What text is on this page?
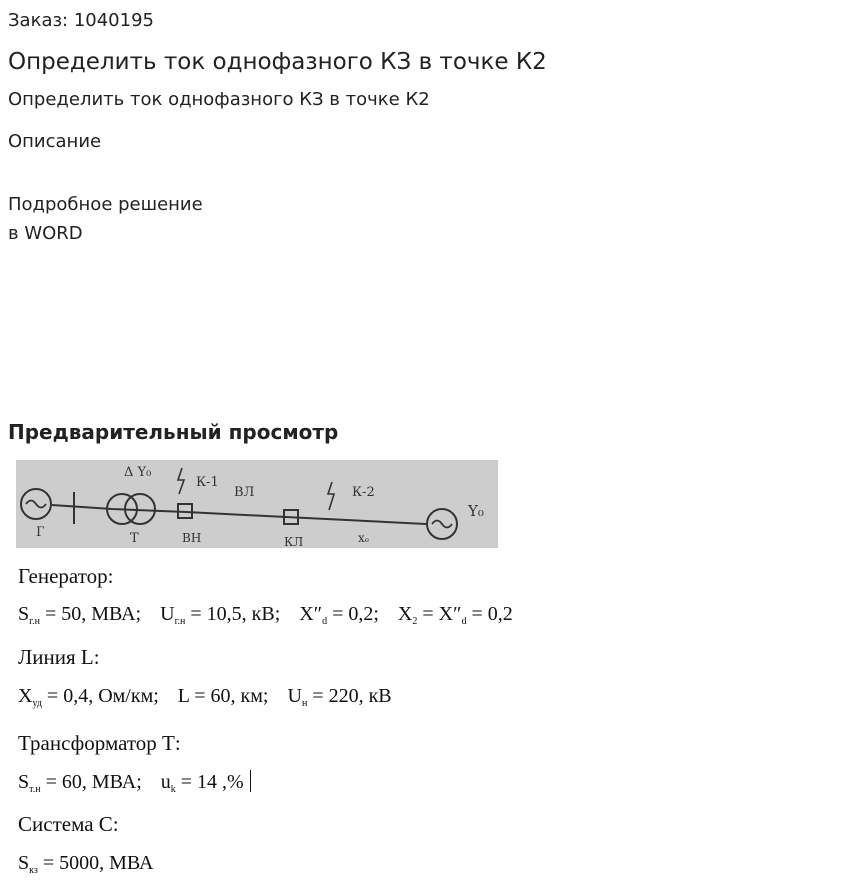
Заказ: 1040195
Определить ток однофазного КЗ в точке К2
Определить ток однофазного КЗ в точке К2
Описание
Подробное решение
в WORD
Предварительный просмотр
Г
Δ Y₀
Т	ВН
К-1
ВЛ
КЛ
К-2
xₑ
Y₀
Генератор:
$S_{г.н} = 50$, МВА; $U_{г.н} = 10,5$, кВ; $X''_d = 0,2$; $X_2 = X''_d = 0,2$
Линия L:
$X_{уд} = 0,4$, Ом/км; L = 60, км; $U_н = 220$, кВ
Трансформатор Т:
$S_{т.н} = 60$, МВА; $u_k = 14$ ,%
Система С:
$S_{кз} = 5000$, МВА
